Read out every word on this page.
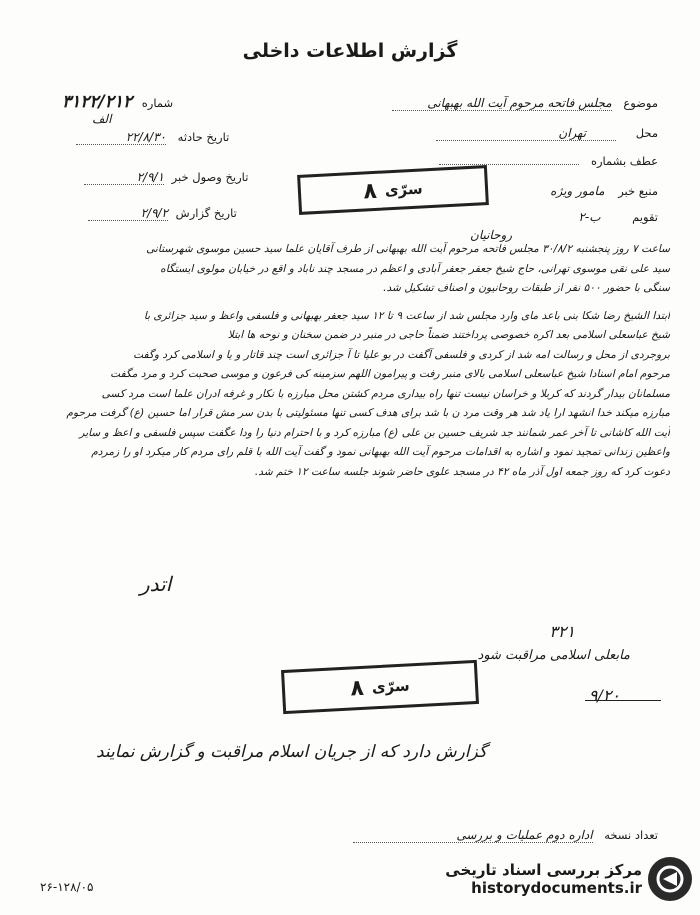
گزارش اطلاعات داخلی
موضوع مجلس فاتحه مرحوم آیت الله بهبهانی
محل تهران
عطف بشماره
منبع خبر مامور ویژه
تقویم ب-۲
شماره ۳۱۲۲/۲۱۲
الف
تاریخ حادثه ۲۲/۸/۳۰
تاریخ وصول خبر ۲/۹/۱
تاریخ گزارش ۲/۹/۲
۸ سرّی
روحانیان

ساعت ۷ روز پنجشنبه ۳۰/۸/۲ مجلس فاتحه مرحوم آیت الله بهبهانی از طرف آقایان علما سید حسین موسوی شهرستانی

سید علی نقی موسوی تهرانی، حاج شیخ جعفر جعفر آبادی و اعظم در مسجد چند ناباد و اقع در خیابان مولوی ایستگاه

سنگی با حضور ۵۰۰ نفر از طبقات روحانیون و اصناف تشکیل شد.

ابتدا الشیخ رضا شکا بنی باعد مای وارد مجلس شد از ساعت ۹ تا ۱۲ سید جعفر بهبهانی و فلسفی واعظ و سید جزائری با

شیخ عباسعلی اسلامی بعد اکره خصوصی پرداختند ضمناً حاجی در منبر در ضمن سخنان و نوحه ها ابتلا

بروجردی از محل و رسالت امه شد از کردی و فلسفی آگفت در بو علیا تا آ جزائری است چند قاتار و یا و اسلامی کرد وگفت

مرحوم امام اسنادا شیخ عباسعلی اسلامی بالای منبر رفت و پیرامون اللهم سزمینه کی فرعون و موسی صحبت کرد و مرد مگفت

مسلمانان بیدار گردند که کربلا و خراسان نیست تنها راه بیداری مردم کشتن محل مبارزه با نکار و غرفه ادران علما است مرد کسی

مبارزه میکند خدا انشهد ارا یاد شد هر وقت مرد ن با شد برای هدف کسی تنها مسئولیتی با بدن سر مش قرار اما حسین (ع) گرفت مرحوم

آیت الله کاشانی تا آخر عمر شمانند جد شریف حسین بن علی (ع) مبارزه کرد و با احترام دنیا را ودا عگفت سپس فلسفی و اعظ و سایر

واعظین زندانی تمجید نمود و اشاره به اقدامات مرحوم آیت الله بهبهانی نمود و گفت آیت الله با قلم رای مردم کار میکرد او را زمردم

دعوت کرد که روز جمعه اول آذر ماه ۴۲ در مسجد علوی حاضر شوند جلسه ساعت ۱۲ ختم شد.

اتدر
۳۲۱
مابعلی اسلامی مراقبت شود
۹/۲۰
۸ سرّی
گزارش دارد که از جریان اسلام مراقبت و گزارش نمایند
تعداد نسخه اداره دوم عملیات و بررسی
۲۶-۱۲۸/۰۵
مرکز بررسی اسناد تاریخی
historydocuments.ir
